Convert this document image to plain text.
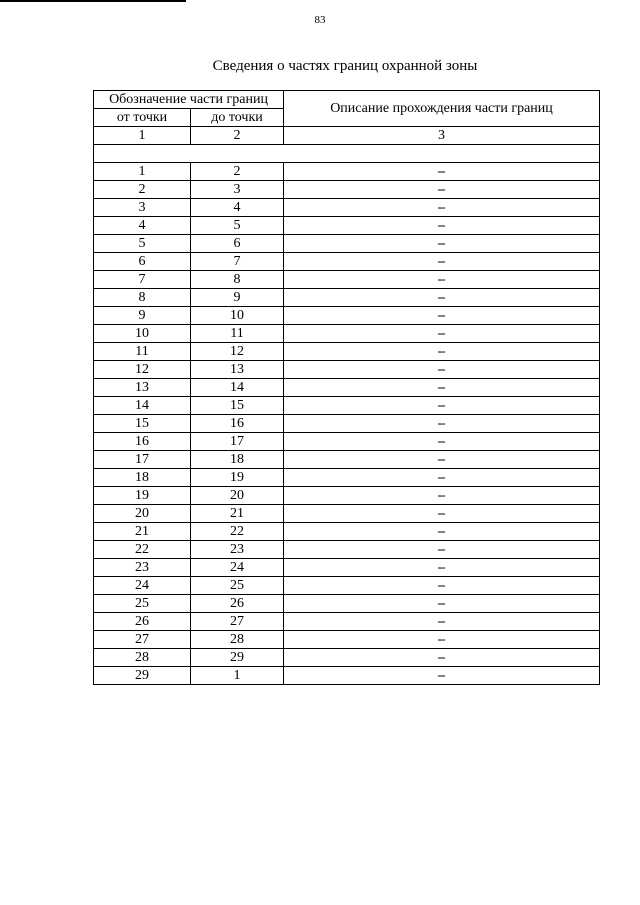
83
Сведения о частях границ охранной зоны
Обозначение части границ		Описание прохождения части границ
от точки	до точки	
1	2	3

1	2	–
2	3	–
3	4	–
4	5	–
5	6	–
6	7	–
7	8	–
8	9	–
9	10	–
10	11	–
11	12	–
12	13	–
13	14	–
14	15	–
15	16	–
16	17	–
17	18	–
18	19	–
19	20	–
20	21	–
21	22	–
22	23	–
23	24	–
24	25	–
25	26	–
26	27	–
27	28	–
28	29	–
29	1	–
